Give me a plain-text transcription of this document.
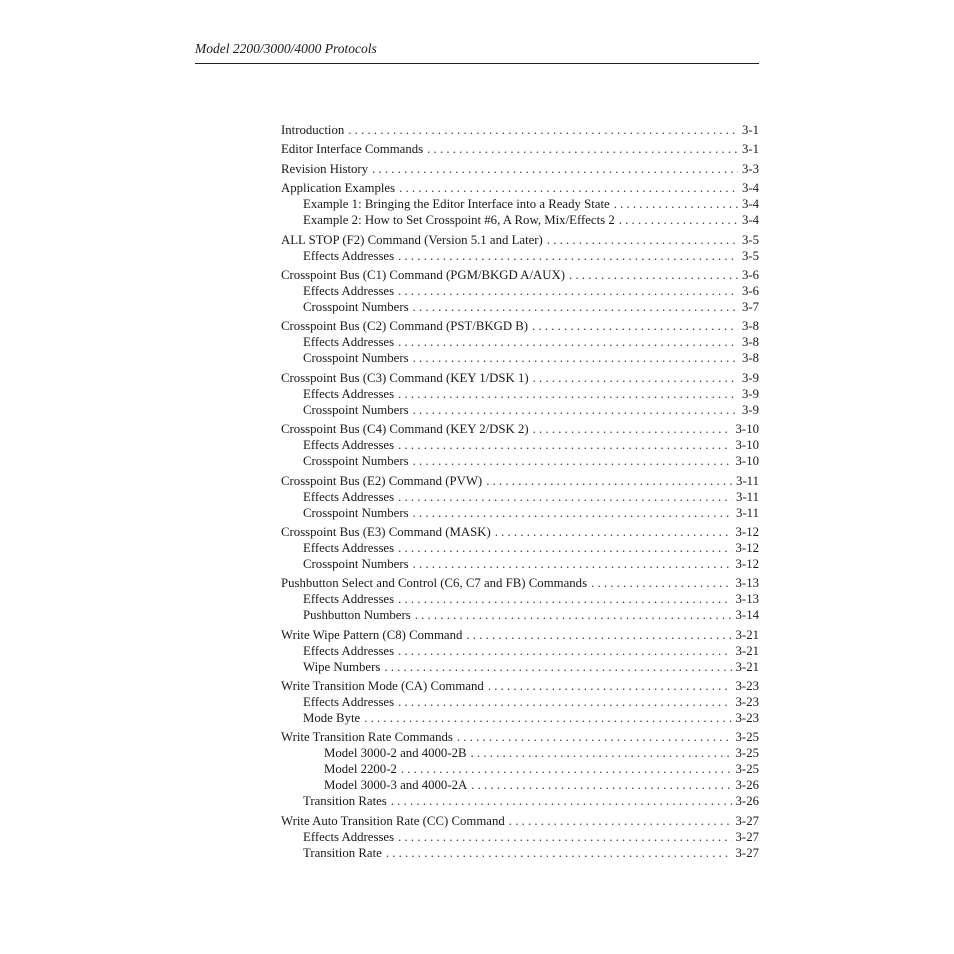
Model 2200/3000/4000 Protocols
Introduction . . .	3-1
Editor Interface Commands . . .	3-1
Revision History . . .	3-3
Application Examples . . .	3-4
Example 1: Bringing the Editor Interface into a Ready State . . .	3-4
Example 2: How to Set Crosspoint #6, A Row, Mix/Effects 2 . . .	3-4
ALL STOP (F2) Command (Version 5.1 and Later) . . .	3-5
Effects Addresses . . .	3-5
Crosspoint Bus (C1) Command (PGM/BKGD A/AUX) . . .	3-6
Effects Addresses . . .	3-6
Crosspoint Numbers . . .	3-7
Crosspoint Bus (C2) Command (PST/BKGD B) . . .	3-8
Effects Addresses . . .	3-8
Crosspoint Numbers . . .	3-8
Crosspoint Bus (C3) Command (KEY 1/DSK 1) . . .	3-9
Effects Addresses . . .	3-9
Crosspoint Numbers . . .	3-9
Crosspoint Bus (C4) Command (KEY 2/DSK 2) . . .	3-10
Effects Addresses . . .	3-10
Crosspoint Numbers . . .	3-10
Crosspoint Bus (E2) Command (PVW) . . .	3-11
Effects Addresses . . .	3-11
Crosspoint Numbers . . .	3-11
Crosspoint Bus (E3) Command (MASK) . . .	3-12
Effects Addresses . . .	3-12
Crosspoint Numbers . . .	3-12
Pushbutton Select and Control (C6, C7 and FB) Commands . . .	3-13
Effects Addresses . . .	3-13
Pushbutton Numbers . . .	3-14
Write Wipe Pattern (C8) Command . . .	3-21
Effects Addresses . . .	3-21
Wipe Numbers . . .	3-21
Write Transition Mode (CA) Command . . .	3-23
Effects Addresses . . .	3-23
Mode Byte . . .	3-23
Write Transition Rate Commands . . .	3-25
Model 3000-2 and 4000-2B . . .	3-25
Model 2200-2 . . .	3-25
Model 3000-3 and 4000-2A . . .	3-26
Transition Rates . . .	3-26
Write Auto Transition Rate (CC) Command . . .	3-27
Effects Addresses . . .	3-27
Transition Rate . . .	3-27
